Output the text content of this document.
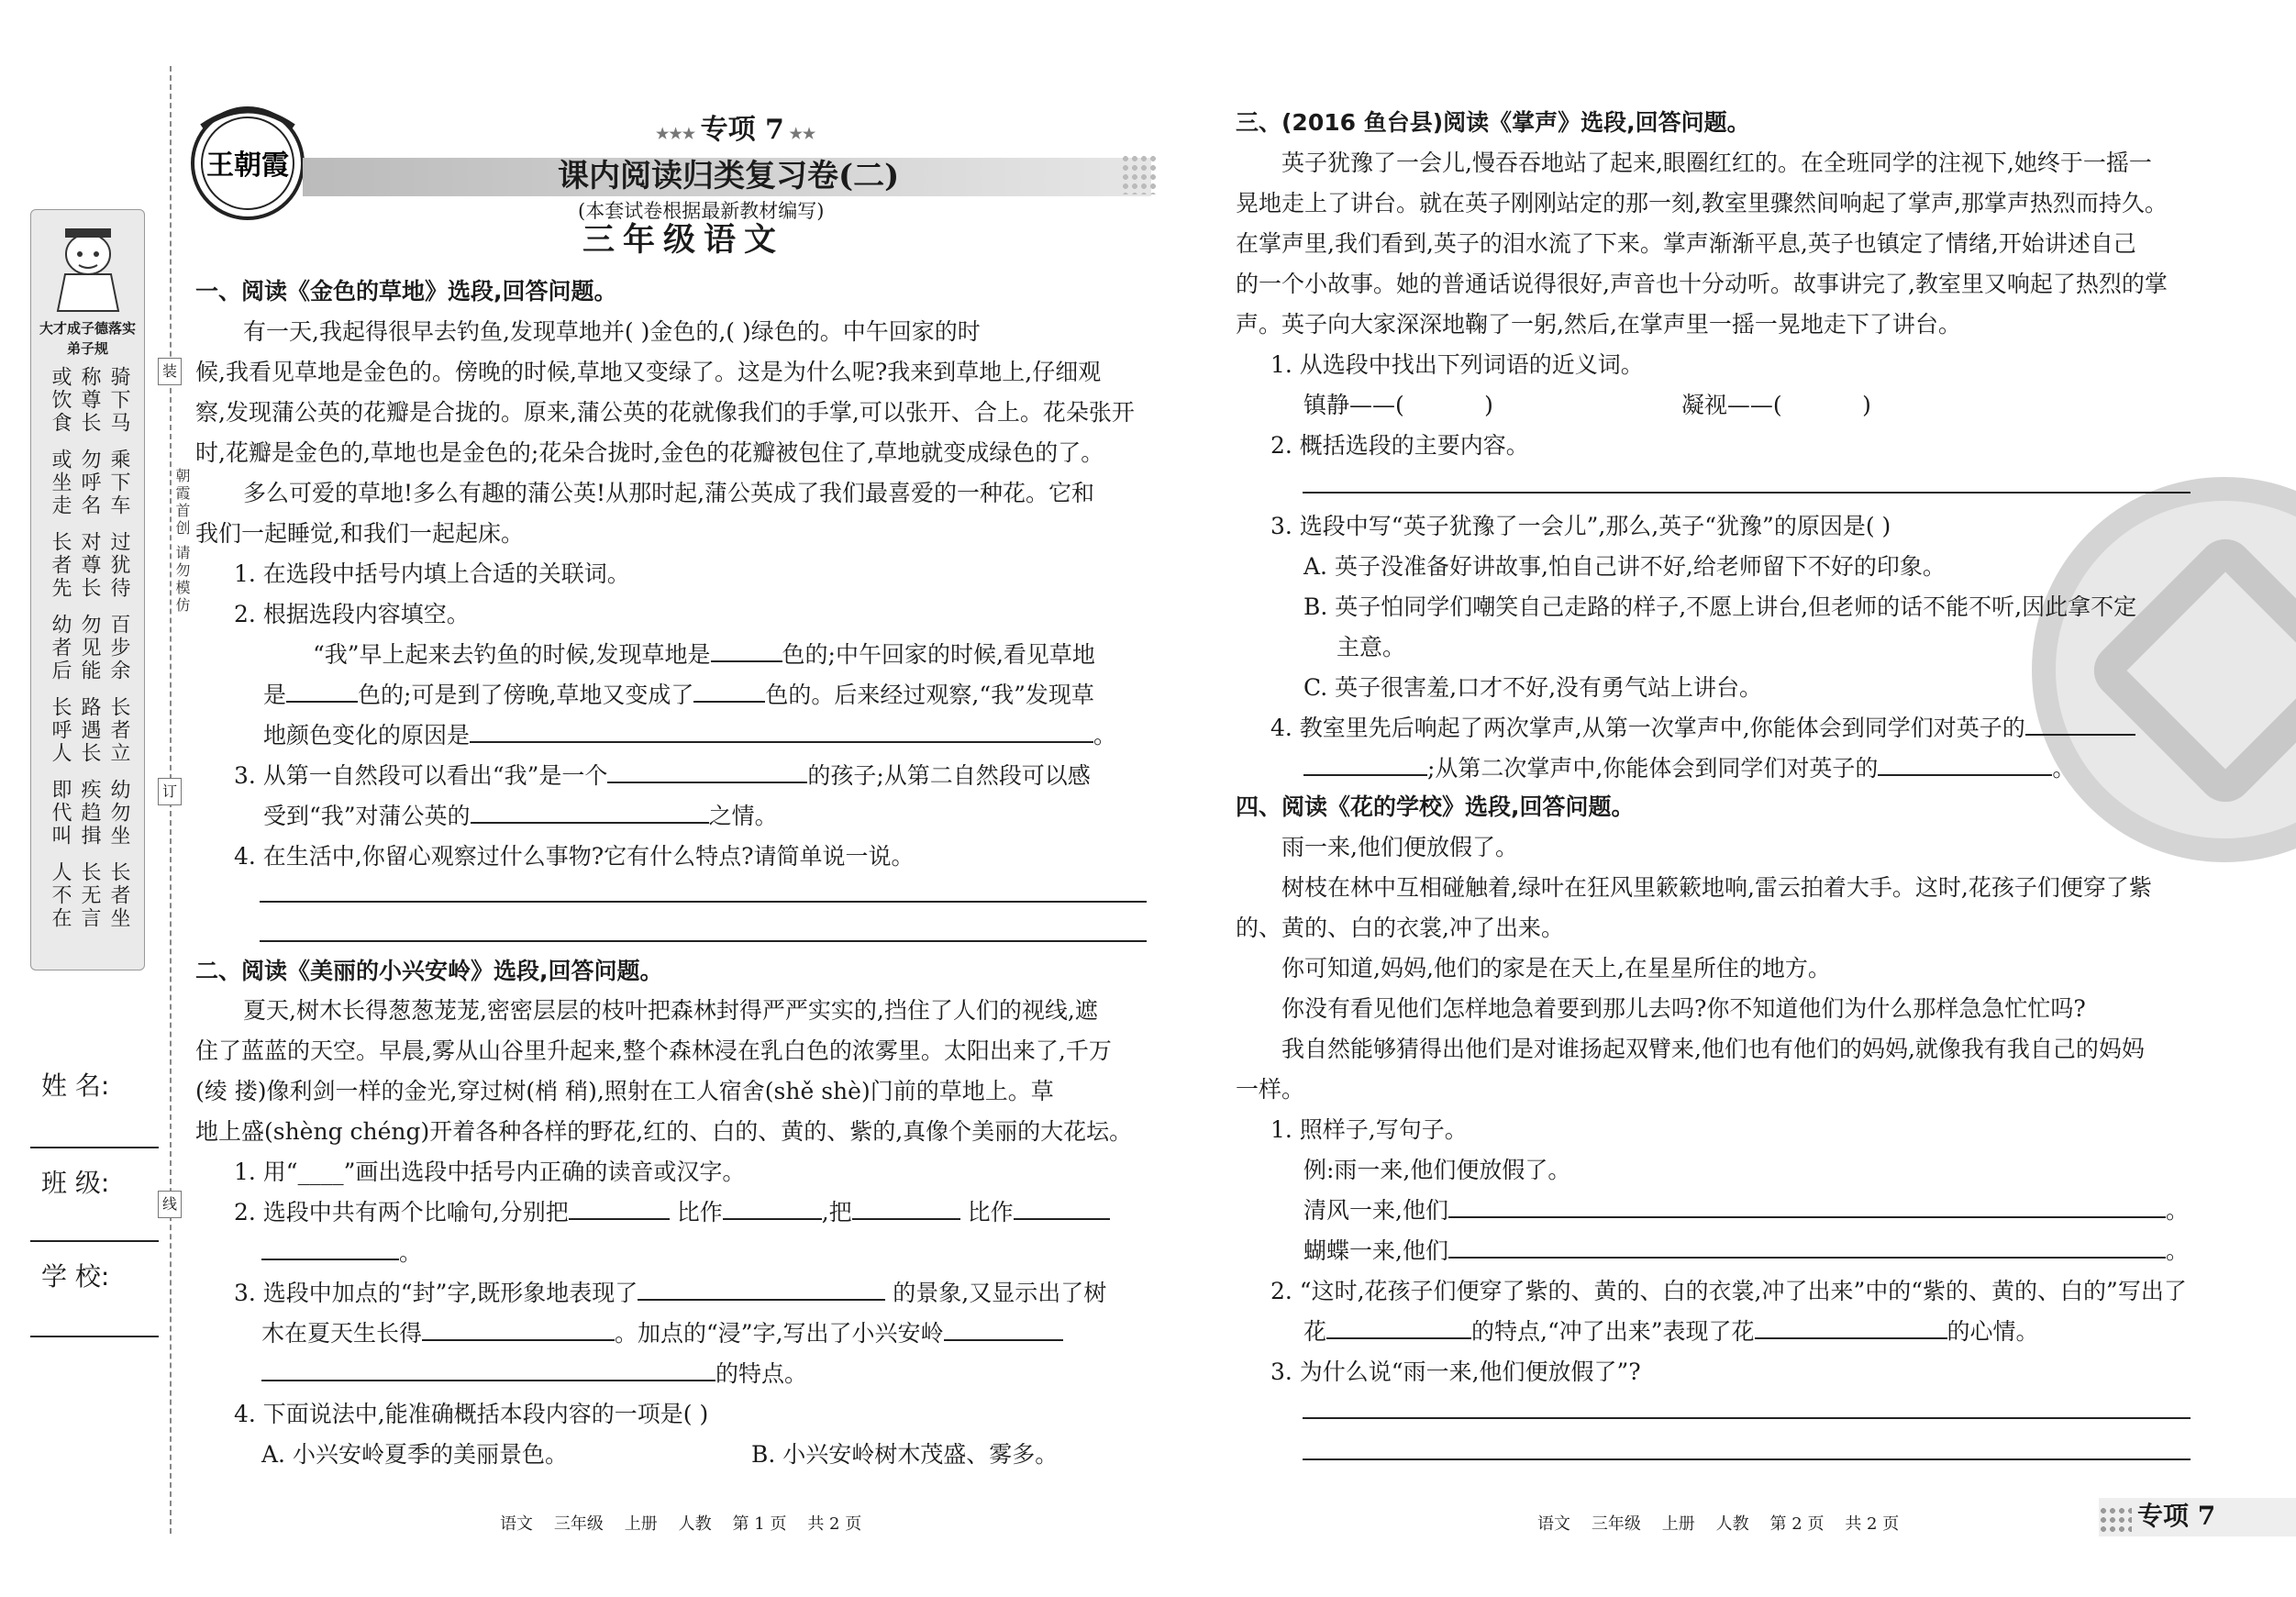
装
订
线
朝霞首创 请勿模仿
大才成子德落实弟子规
骑下马
称尊长
或饮食
乘下车
勿呼名
或坐走
过犹待
对尊长
长者先
百步余
勿见能
幼者后
长者立
路遇长
长呼人
幼勿坐
疾趋揖
即代叫
长者坐
长无言
人不在
姓 名:
班 级:
学 校:
王朝霞
★★★ 专项 7 ★★
课内阅读归类复习卷(二)
(本套试卷根据最新教材编写)
三年级语文
一、阅读《金色的草地》选段,回答问题。
有一天,我起得很早去钓鱼,发现草地并( )金色的,( )绿色的。中午回家的时
候,我看见草地是金色的。傍晚的时候,草地又变绿了。这是为什么呢?我来到草地上,仔细观
察,发现蒲公英的花瓣是合拢的。原来,蒲公英的花就像我们的手掌,可以张开、合上。花朵张开
时,花瓣是金色的,草地也是金色的;花朵合拢时,金色的花瓣被包住了,草地就变成绿色的了。
多么可爱的草地!多么有趣的蒲公英!从那时起,蒲公英成了我们最喜爱的一种花。它和
我们一起睡觉,和我们一起起床。
1. 在选段中括号内填上合适的关联词。
2. 根据选段内容填空。
“我”早上起来去钓鱼的时候,发现草地是	色的;中午回家的时候,看见草地
是	色的;可是到了傍晚,草地又变成了	色的。后来经过观察,“我”发现草
地颜色变化的原因是	。
3. 从第一自然段可以看出“我”是一个	的孩子;从第二自然段可以感
受到“我”对蒲公英的	之情。
4. 在生活中,你留心观察过什么事物?它有什么特点?请简单说一说。
二、阅读《美丽的小兴安岭》选段,回答问题。
夏天,树木长得葱葱茏茏,密密层层的枝叶把森林封得严严实实的,挡住了人们的视线,遮
住了蓝蓝的天空。早晨,雾从山谷里升起来,整个森林浸在乳白色的浓雾里。太阳出来了,千万
(绫 搂)像利剑一样的金光,穿过树(梢 稍),照射在工人宿舍(shě shè)门前的草地上。草
地上盛(shèng chéng)开着各种各样的野花,红的、白的、黄的、紫的,真像个美丽的大花坛。
1. 用“____”画出选段中括号内正确的读音或汉字。
2. 选段中共有两个比喻句,分别把	比作	,把	比作
。
3. 选段中加点的“封”字,既形象地表现了	的景象,又显示出了树
木在夏天生长得	。加点的“浸”字,写出了小兴安岭
的特点。
4. 下面说法中,能准确概括本段内容的一项是( )
A. 小兴安岭夏季的美丽景色。	B. 小兴安岭树木茂盛、雾多。
语文    三年级    上册    人教    第 1 页    共 2 页
三、(2016 鱼台县)阅读《掌声》选段,回答问题。
英子犹豫了一会儿,慢吞吞地站了起来,眼圈红红的。在全班同学的注视下,她终于一摇一
晃地走上了讲台。就在英子刚刚站定的那一刻,教室里骤然间响起了掌声,那掌声热烈而持久。
在掌声里,我们看到,英子的泪水流了下来。掌声渐渐平息,英子也镇定了情绪,开始讲述自己
的一个小故事。她的普通话说得很好,声音也十分动听。故事讲完了,教室里又响起了热烈的掌
声。英子向大家深深地鞠了一躬,然后,在掌声里一摇一晃地走下了讲台。
1. 从选段中找出下列词语的近义词。
镇静——(           )	凝视——(           )
2. 概括选段的主要内容。
3. 选段中写“英子犹豫了一会儿”,那么,英子“犹豫”的原因是( )
A. 英子没准备好讲故事,怕自己讲不好,给老师留下不好的印象。
B. 英子怕同学们嘲笑自己走路的样子,不愿上讲台,但老师的话不能不听,因此拿不定
主意。
C. 英子很害羞,口才不好,没有勇气站上讲台。
4. 教室里先后响起了两次掌声,从第一次掌声中,你能体会到同学们对英子的
;从第二次掌声中,你能体会到同学们对英子的	。
四、阅读《花的学校》选段,回答问题。
雨一来,他们便放假了。
树枝在林中互相碰触着,绿叶在狂风里簌簌地响,雷云拍着大手。这时,花孩子们便穿了紫
的、黄的、白的衣裳,冲了出来。
你可知道,妈妈,他们的家是在天上,在星星所住的地方。
你没有看见他们怎样地急着要到那儿去吗?你不知道他们为什么那样急急忙忙吗?
我自然能够猜得出他们是对谁扬起双臂来,他们也有他们的妈妈,就像我有我自己的妈妈
一样。
1. 照样子,写句子。
例:雨一来,他们便放假了。
清风一来,他们	。
蝴蝶一来,他们	。
2. “这时,花孩子们便穿了紫的、黄的、白的衣裳,冲了出来”中的“紫的、黄的、白的”写出了
花	的特点,“冲了出来”表现了花	的心情。
3. 为什么说“雨一来,他们便放假了”?
语文    三年级    上册    人教    第 2 页    共 2 页	专项 7
